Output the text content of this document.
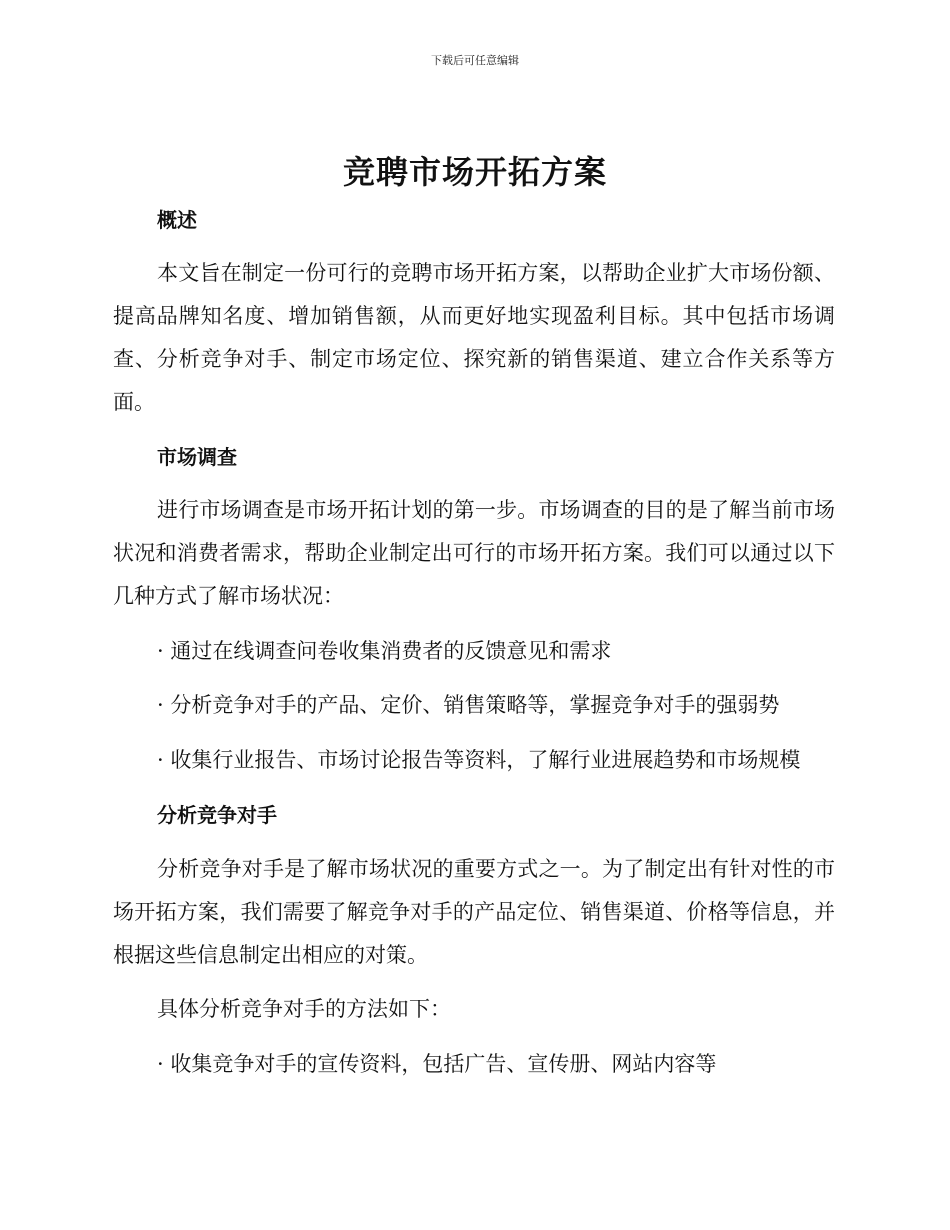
下载后可任意编辑
竞聘市场开拓方案
概述

本文旨在制定一份可行的竞聘市场开拓方案，以帮助企业扩大市场份额、提高品牌知名度、增加销售额，从而更好地实现盈利目标。其中包括市场调查、分析竞争对手、制定市场定位、探究新的销售渠道、建立合作关系等方面。

市场调查

进行市场调查是市场开拓计划的第一步。市场调查的目的是了解当前市场状况和消费者需求，帮助企业制定出可行的市场开拓方案。我们可以通过以下几种方式了解市场状况：

· 通过在线调查问卷收集消费者的反馈意见和需求
· 分析竞争对手的产品、定价、销售策略等，掌握竞争对手的强弱势
· 收集行业报告、市场讨论报告等资料，了解行业进展趋势和市场规模
分析竞争对手

分析竞争对手是了解市场状况的重要方式之一。为了制定出有针对性的市场开拓方案，我们需要了解竞争对手的产品定位、销售渠道、价格等信息，并根据这些信息制定出相应的对策。

具体分析竞争对手的方法如下：
· 收集竞争对手的宣传资料，包括广告、宣传册、网站内容等
